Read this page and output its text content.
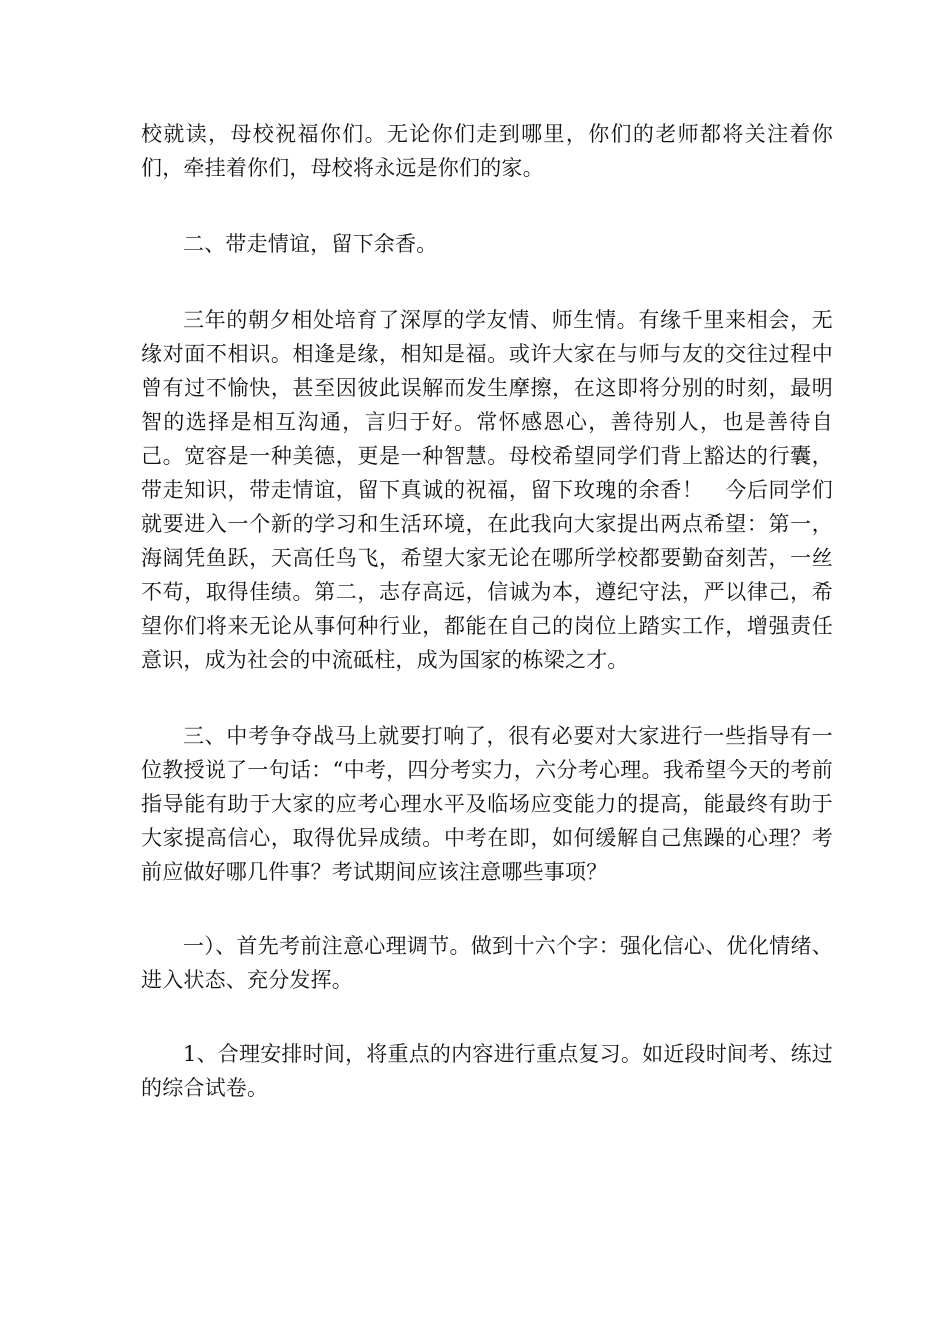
校就读，母校祝福你们。无论你们走到哪里，你们的老师都将关注着你们，牵挂着你们，母校将永远是你们的家。

二、带走情谊，留下余香。

三年的朝夕相处培育了深厚的学友情、师生情。有缘千里来相会，无缘对面不相识。相逢是缘，相知是福。或许大家在与师与友的交往过程中曾有过不愉快，甚至因彼此误解而发生摩擦，在这即将分别的时刻，最明智的选择是相互沟通，言归于好。常怀感恩心，善待别人，也是善待自己。宽容是一种美德，更是一种智慧。母校希望同学们背上豁达的行囊，带走知识，带走情谊，留下真诚的祝福，留下玫瑰的余香！　今后同学们就要进入一个新的学习和生活环境，在此我向大家提出两点希望：第一，海阔凭鱼跃，天高任鸟飞，希望大家无论在哪所学校都要勤奋刻苦，一丝不苟，取得佳绩。第二，志存高远，信诚为本，遵纪守法，严以律己，希望你们将来无论从事何种行业，都能在自己的岗位上踏实工作，增强责任意识，成为社会的中流砥柱，成为国家的栋梁之才。

三、中考争夺战马上就要打响了，很有必要对大家进行一些指导有一位教授说了一句话：“中考，四分考实力，六分考心理。我希望今天的考前指导能有助于大家的应考心理水平及临场应变能力的提高，能最终有助于大家提高信心，取得优异成绩。中考在即，如何缓解自己焦躁的心理？考前应做好哪几件事？考试期间应该注意哪些事项？

一）、首先考前注意心理调节。做到十六个字：强化信心、优化情绪、进入状态、充分发挥。

1、合理安排时间，将重点的内容进行重点复习。如近段时间考、练过的综合试卷。
